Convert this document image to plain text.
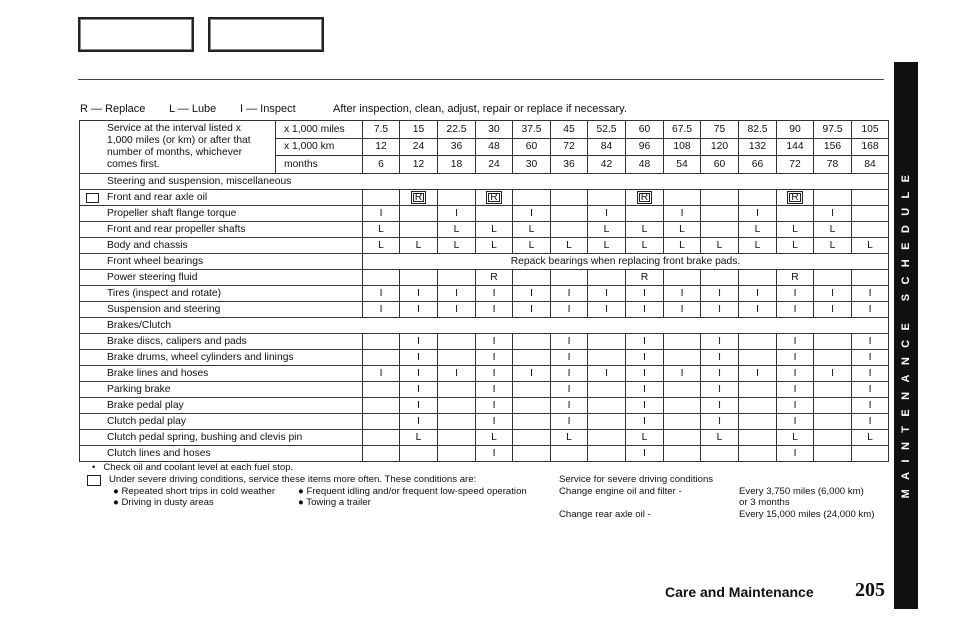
R — Replace L — Lube I — Inspect	After inspection, clean, adjust, repair or replace if necessary.
Service at the interval listed x 1,000 miles (or km) or after that number of months, whichever comes first.	x 1,000 miles	7.5	15	22.5	30	37.5	45	52.5	60	67.5	75	82.5	90	97.5	105
	x 1,000 km	12	24	36	48	60	72	84	96	108	120	132	144	156	168
	months	6	12	18	24	30	36	42	48	54	60	66	72	78	84
Steering and suspension, miscellaneous															

Front and rear axle oil			R		R				R				R		
Propeller shaft flange torque		I		I		I		I		I		I		I	
Front and rear propeller shafts		L		L	L	L		L	L	L		L	L	L	
Body and chassis		L	L	L	L	L	L	L	L	L	L	L	L	L	L
Front wheel bearings		Repack bearings when replacing front brake pads.													
Power steering fluid					R				R				R		
Tires (inspect and rotate)		I	I	I	I	I	I	I	I	I	I	I	I	I	I
Suspension and steering		I	I	I	I	I	I	I	I	I	I	I	I	I	I
Brakes/Clutch															
Brake discs, calipers and pads			I		I		I		I		I		I		I
Brake drums, wheel cylinders and linings			I		I		I		I		I		I		I
Brake lines and hoses		I	I	I	I	I	I	I	I	I	I	I	I	I	I
Parking brake			I		I		I		I		I		I		I
Brake pedal play			I		I		I		I		I		I		I
Clutch pedal play			I		I		I		I		I		I		I
Clutch pedal spring, bushing and clevis pin			L		L		L		L		L		L		L
Clutch lines and hoses					I				I				I		
•   Check oil and coolant level at each fuel stop.
Under severe driving conditions, service these items more often. These conditions are:
● Repeated short trips in cold weather
● Driving in dusty areas
● Frequent idling and/or frequent low-speed operation
● Towing a trailer
Service for severe driving conditions
Change engine oil and filter -	Every 3,750 miles (6,000 km)
or 3 months
Change rear axle oil -	Every 15,000 miles (24,000 km)
MAINTENANCE SCHEDULE
Care and Maintenance 205
